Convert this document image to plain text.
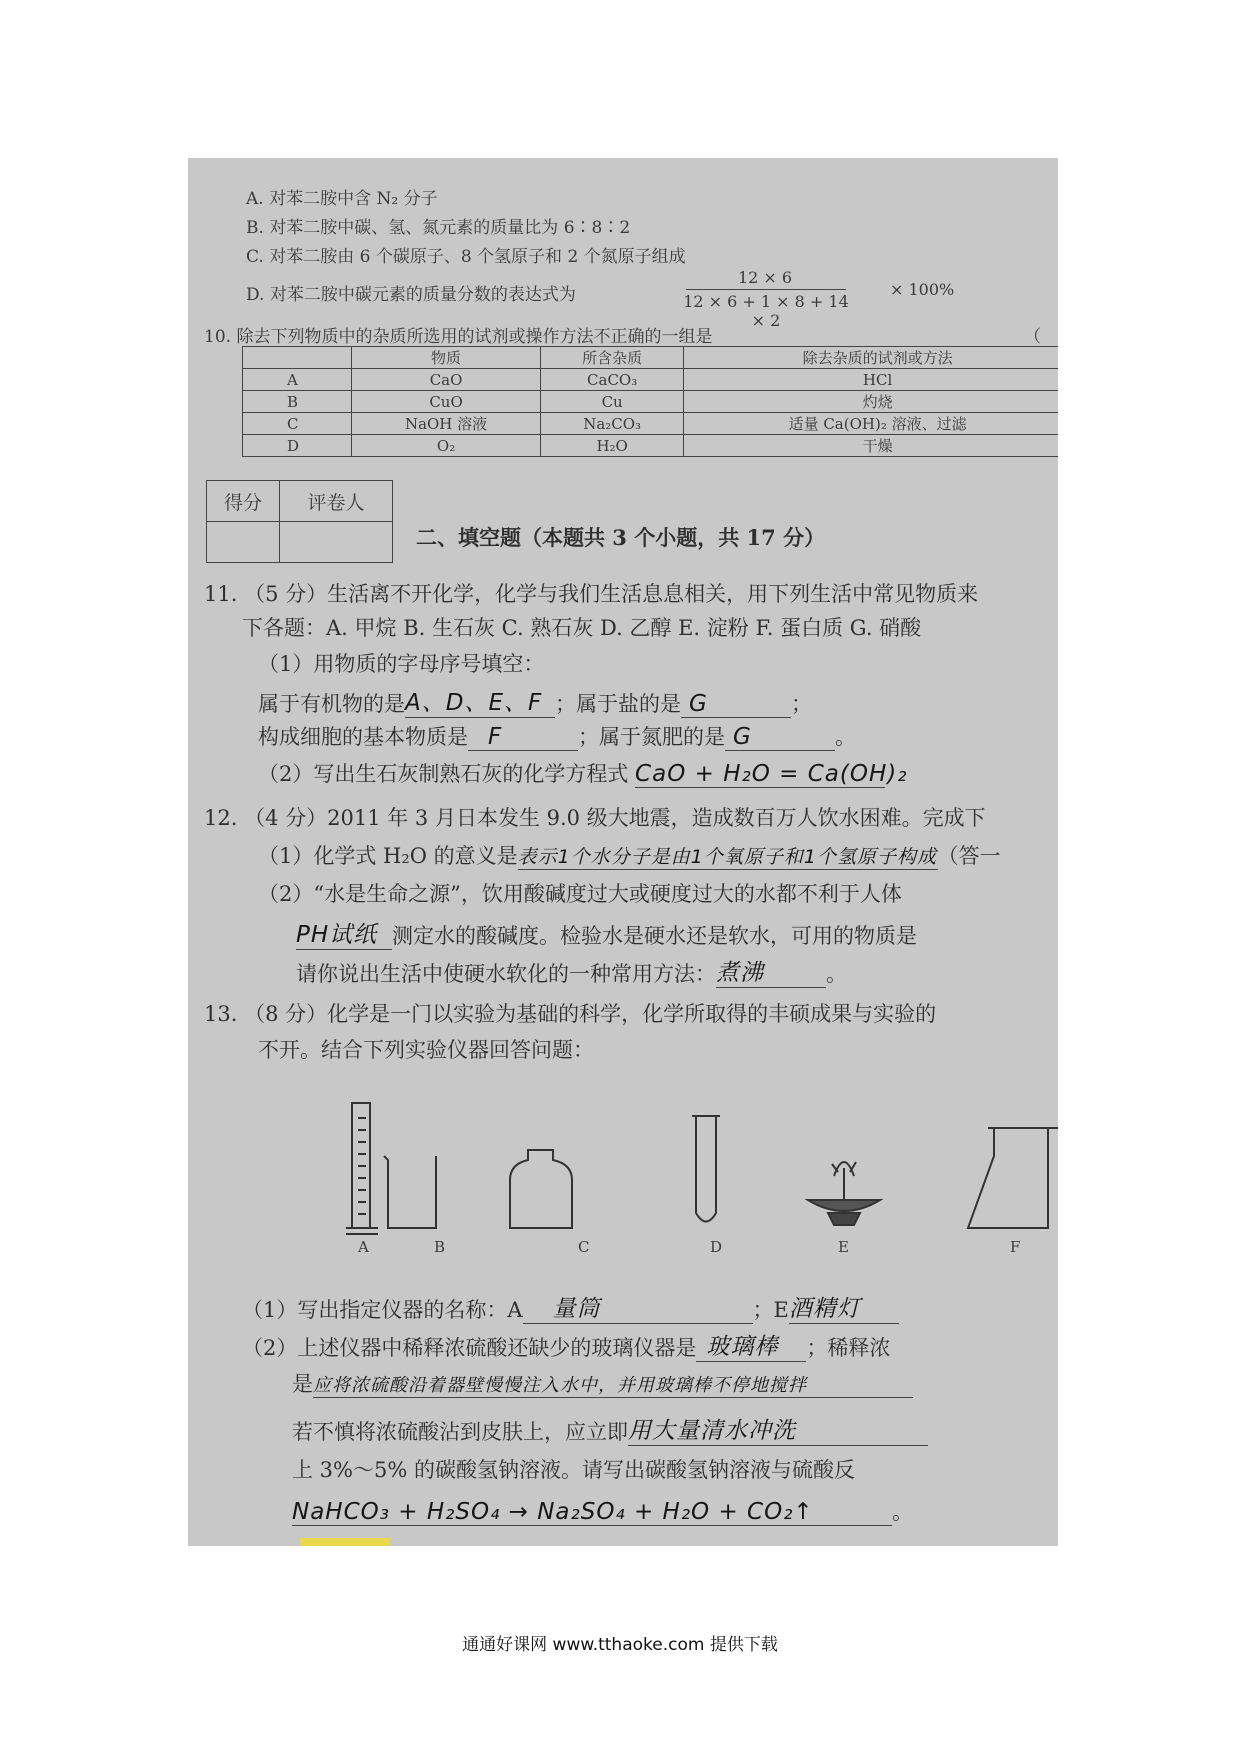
A. 对苯二胺中含 N₂ 分子
B. 对苯二胺中碳、氢、氮元素的质量比为 6∶8∶2
C. 对苯二胺由 6 个碳原子、8 个氢原子和 2 个氮原子组成
D. 对苯二胺中碳元素的质量分数的表达式为
12 × 6
12 × 6 + 1 × 8 + 14 × 2
× 100%
10. 除去下列物质中的杂质所选用的试剂或操作方法不正确的一组是	（
	物质	所含杂质	除去杂质的试剂或方法
A	CaO	CaCO₃	HCl
B	CuO	Cu	灼烧
C	NaOH 溶液	Na₂CO₃	适量 Ca(OH)₂ 溶液、过滤
D	O₂	H₂O	干燥
得分	评卷人

二、填空题（本题共 3 个小题，共 17 分）
11. （5 分）生活离不开化学，化学与我们生活息息相关，用下列生活中常见物质来
下各题：A. 甲烷 B. 生石灰 C. 熟石灰 D. 乙醇 E. 淀粉 F. 蛋白质 G. 硝酸
（1）用物质的字母序号填空：
属于有机物的是A、D、E、F ；属于盐的是 G	；
构成细胞的基本物质是 F	；属于氮肥的是 G	。
（2）写出生石灰制熟石灰的化学方程式 CaO + H₂O = Ca(OH)₂
12. （4 分）2011 年 3 月日本发生 9.0 级大地震，造成数百万人饮水困难。完成下
（1）化学式 H₂O 的意义是表示1个水分子是由1个氧原子和1个氢原子构成（答一
（2）“水是生命之源”，饮用酸碱度过大或硬度过大的水都不利于人体
PH试纸 测定水的酸碱度。检验水是硬水还是软水，可用的物质是
请你说出生活中使硬水软化的一种常用方法：煮沸	。
13. （8 分）化学是一门以实验为基础的科学，化学所取得的丰硕成果与实验的
不开。结合下列实验仪器回答问题：
A	B	C	D	E	F
（1）写出指定仪器的名称：A 量筒	；E酒精灯
（2）上述仪器中稀释浓硫酸还缺少的玻璃仪器是 玻璃棒 ；稀释浓
是应将浓硫酸沿着器壁慢慢注入水中，并用玻璃棒不停地搅拌
若不慎将浓硫酸沾到皮肤上，应立即用大量清水冲洗
上 3%～5% 的碳酸氢钠溶液。请写出碳酸氢钠溶液与硫酸反
NaHCO₃ + H₂SO₄ → Na₂SO₄ + H₂O + CO₂↑	。
通通好课网 www.tthaoke.com 提供下载
